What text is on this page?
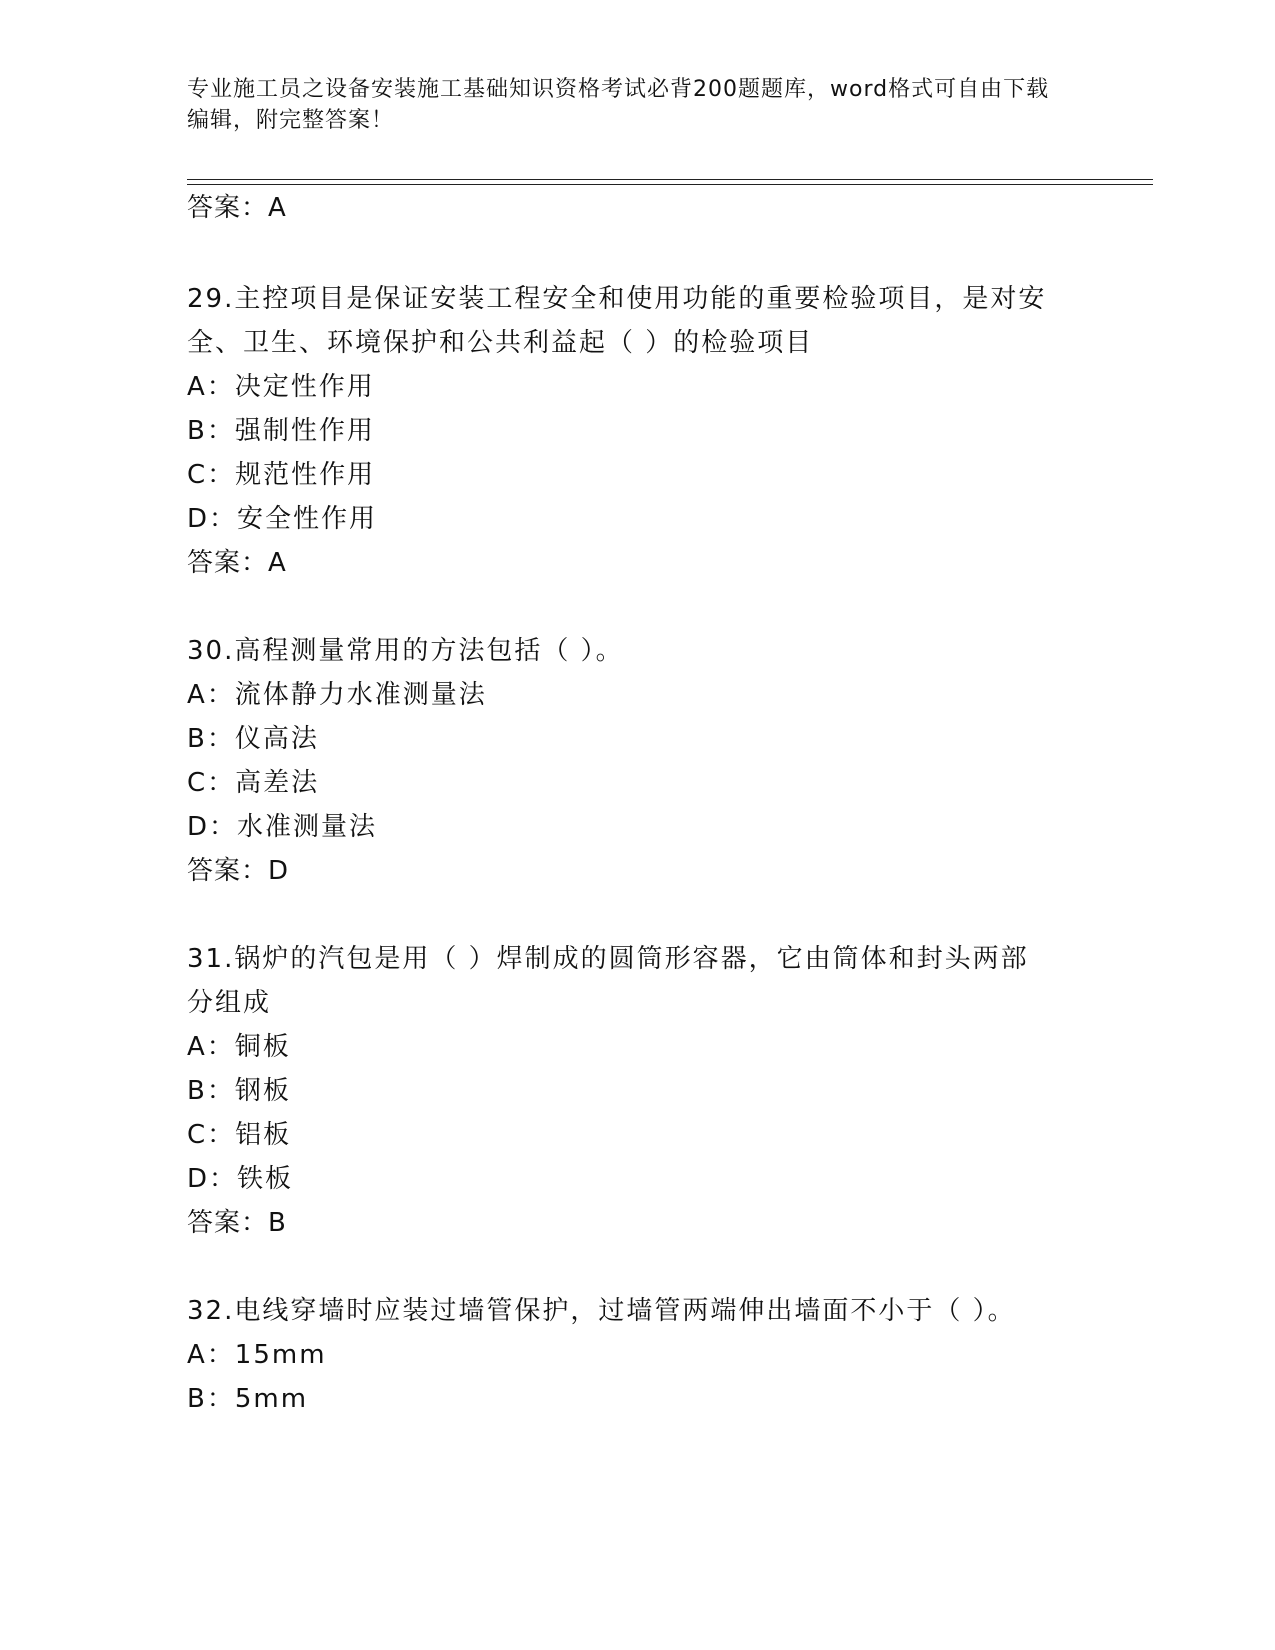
专业施工员之设备安装施工基础知识资格考试必背200题题库，word格式可自由下载编辑，附完整答案！
答案：A
29.主控项目是保证安装工程安全和使用功能的重要检验项目，是对安
全、卫生、环境保护和公共利益起（ ）的检验项目
A：决定性作用
B：强制性作用
C：规范性作用
D：安全性作用
答案：A
30.高程测量常用的方法包括（ ）。
A：流体静力水准测量法
B：仪高法
C：高差法
D：水准测量法
答案：D
31.锅炉的汽包是用（ ）焊制成的圆筒形容器，它由筒体和封头两部
分组成
A：铜板
B：钢板
C：铝板
D：铁板
答案：B
32.电线穿墙时应装过墙管保护，过墙管两端伸出墙面不小于（ ）。
A：15mm
B：5mm
